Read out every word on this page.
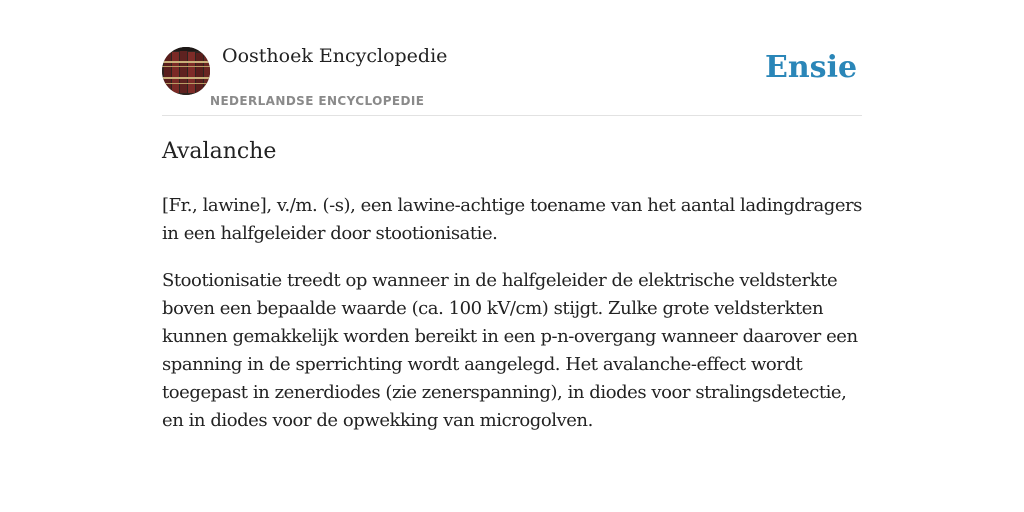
Oosthoek Encyclopedie
NEDERLANDSE ENCYCLOPEDIE
Ensie
Avalanche

[Fr., lawine], v./m. (-s), een lawine-achtige toename van het aantal ladingdragers in een halfgeleider door stootionisatie.

Stootionisatie treedt op wanneer in de halfgeleider de elektrische veldsterkte boven een bepaalde waarde (ca. 100 kV/cm) stijgt. Zulke grote veldsterkten kunnen gemakkelijk worden bereikt in een p-n-overgang wanneer daarover een spanning in de sperrichting wordt aangelegd. Het avalanche-effect wordt toegepast in zenerdiodes (zie zenerspanning), in diodes voor stralingsdetectie, en in diodes voor de opwekking van microgolven.
